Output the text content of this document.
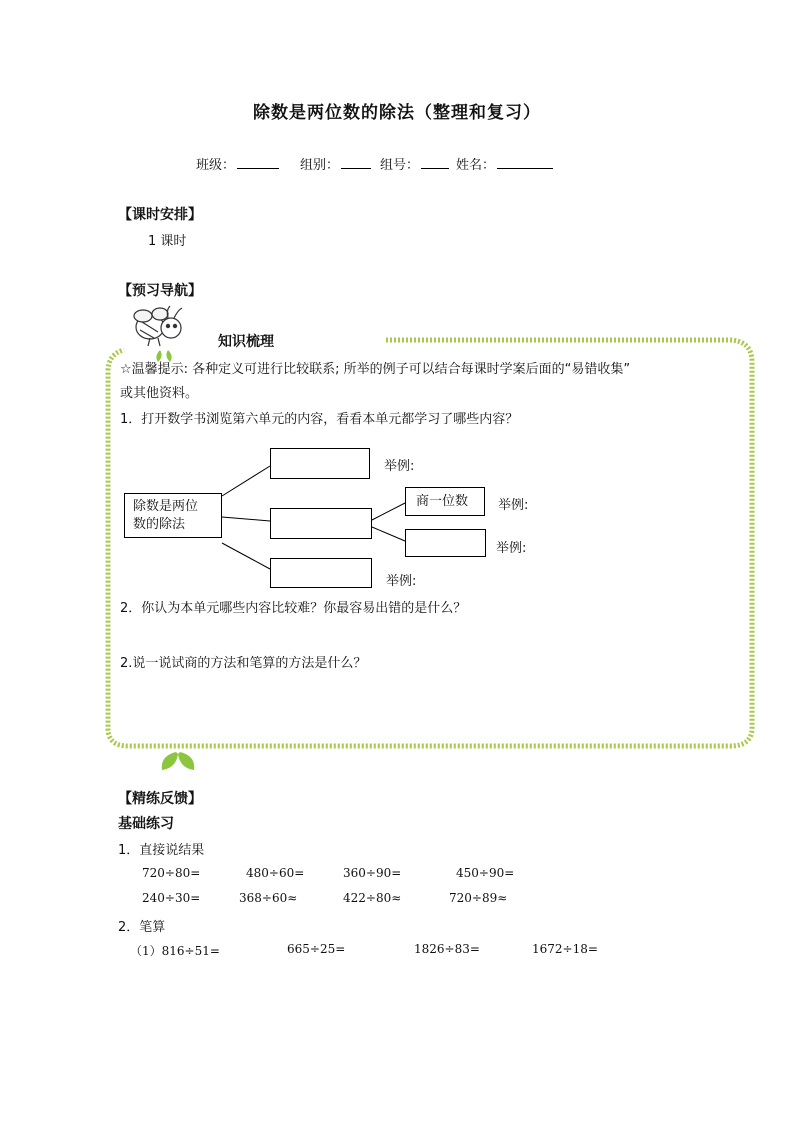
除数是两位数的除法（整理和复习）
班级：	组别：	组号：	姓名：
【课时安排】
1 课时
【预习导航】
知识梳理
☆温馨提示: 各种定义可进行比较联系; 所举的例子可以结合每课时学案后面的“易错收集”
或其他资料。
1．打开数学书浏览第六单元的内容，看看本单元都学习了哪些内容？
举例:
除数是两位
数的除法
商一位数 举例:
举例:
举例:
2．你认为本单元哪些内容比较难？你最容易出错的是什么？
2.说一说试商的方法和笔算的方法是什么？
【精练反馈】
基础练习
1．直接说结果
720÷80=	480÷60=	360÷90=	450÷90=
240÷30=	368÷60≈	422÷80≈	720÷89≈
2．笔算
（1）816÷51=	665÷25=	1826÷83=	1672÷18=
